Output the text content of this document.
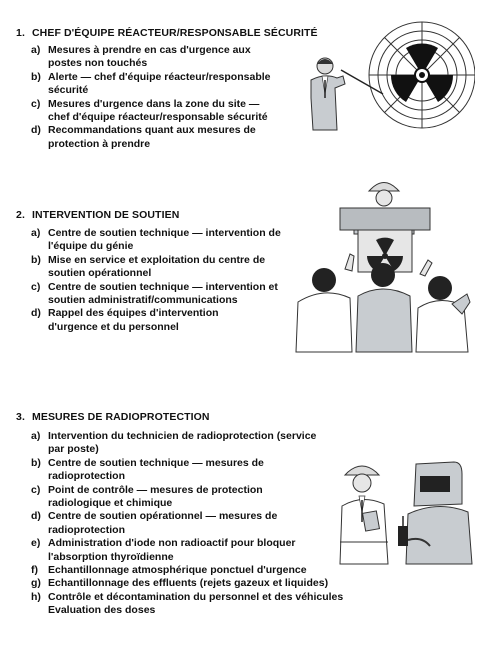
1. CHEF D'ÉQUIPE RÉACTEUR/RESPONSABLE SÉCURITÉ
a) Mesures à prendre en cas d'urgence aux
postes non touchés
b) Alerte — chef d'équipe réacteur/responsable
sécurité
c) Mesures d'urgence dans la zone du site —
chef d'équipe réacteur/responsable sécurité
d) Recommandations quant aux mesures de
protection à prendre
2. INTERVENTION DE SOUTIEN
a) Centre de soutien technique — intervention de
l'équipe du génie
b) Mise en service et exploitation du centre de
soutien opérationnel
c) Centre de soutien technique — intervention et
soutien administratif/communications
d) Rappel des équipes d'intervention
d'urgence et du personnel
3. MESURES DE RADIOPROTECTION
a) Intervention du technicien de radioprotection (service
par poste)
b) Centre de soutien technique — mesures de
radioprotection
c) Point de contrôle — mesures de protection
radiologique et chimique
d) Centre de soutien opérationnel — mesures de
radioprotection
e) Administration d'iode non radioactif pour bloquer
l'absorption thyroïdienne
f) Echantillonnage atmosphérique ponctuel d'urgence
g) Echantillonnage des effluents (rejets gazeux et liquides)
h) Contrôle et décontamination du personnel et des véhicules
Evaluation des doses
